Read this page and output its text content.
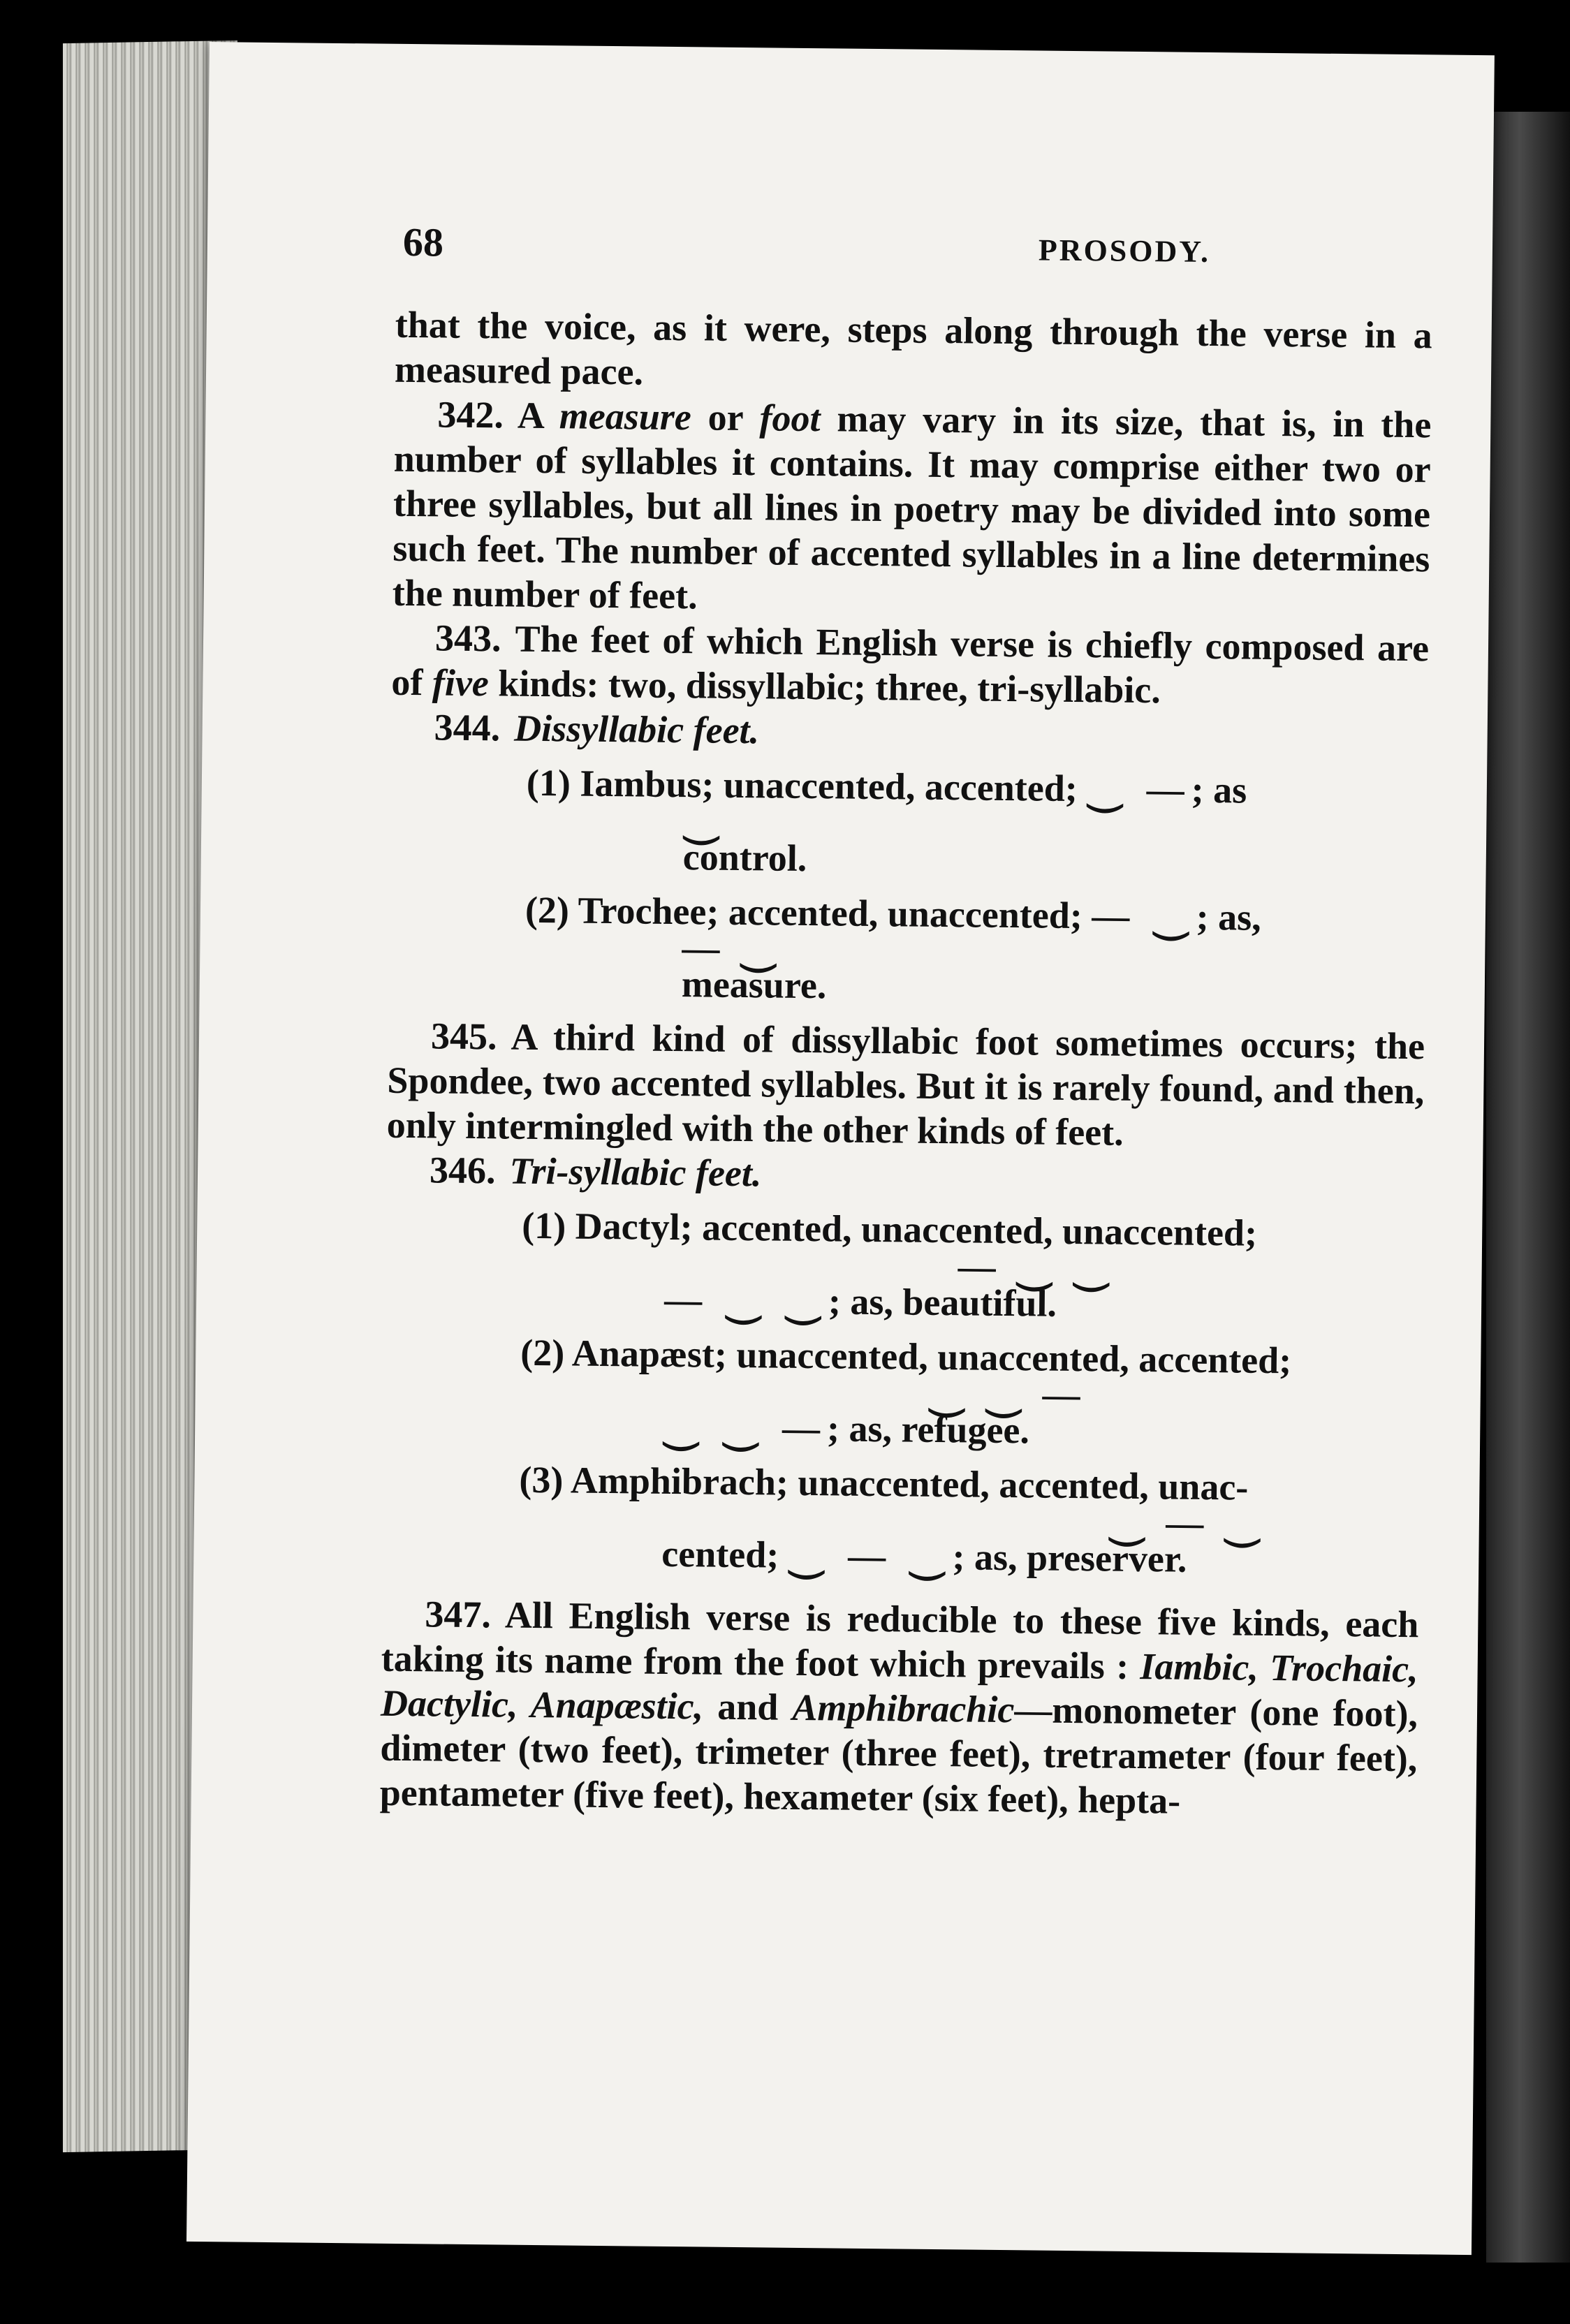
68	PROSODY.

that the voice, as it were, steps along through the verse in a measured pace.

342. A measure or foot may vary in its size, that is, in the number of syllables it contains. It may comprise either two or three syllables, but all lines in poetry may be divided into some such feet. The number of accented syllables in a line determines the number of feet.

343. The feet of which English verse is chiefly composed are of five kinds: two, dissyllabic; three, tri-syllabic.

344. Dissyllabic feet.
(1) Iambus; unaccented, accented; ⏝ —; as
⏝
control.
(2) Trochee; accented, unaccented; — ⏝; as,
— ⏝
measure.

345. A third kind of dissyllabic foot sometimes occurs; the Spondee, two accented syllables. But it is rarely found, and then, only intermingled with the other kinds of feet.

346. Tri-syllabic feet.
(1) Dactyl; accented, unaccented, unaccented;
— ⏝ ⏝
— ⏝ ⏝; as, beautiful.
(2) Anapæst; unaccented, unaccented, accented;
⏝ ⏝ —
⏝ ⏝ —; as, refugee.
(3) Amphibrach; unaccented, accented, unac-
⏝ — ⏝
cented; ⏝ — ⏝; as, preserver.

347. All English verse is reducible to these five kinds, each taking its name from the foot which prevails : Iambic, Trochaic, Dactylic, Anapæstic, and Amphibrachic—monometer (one foot), dimeter (two feet), trimeter (three feet), tretrameter (four feet), pentameter (five feet), hexameter (six feet), hepta-
